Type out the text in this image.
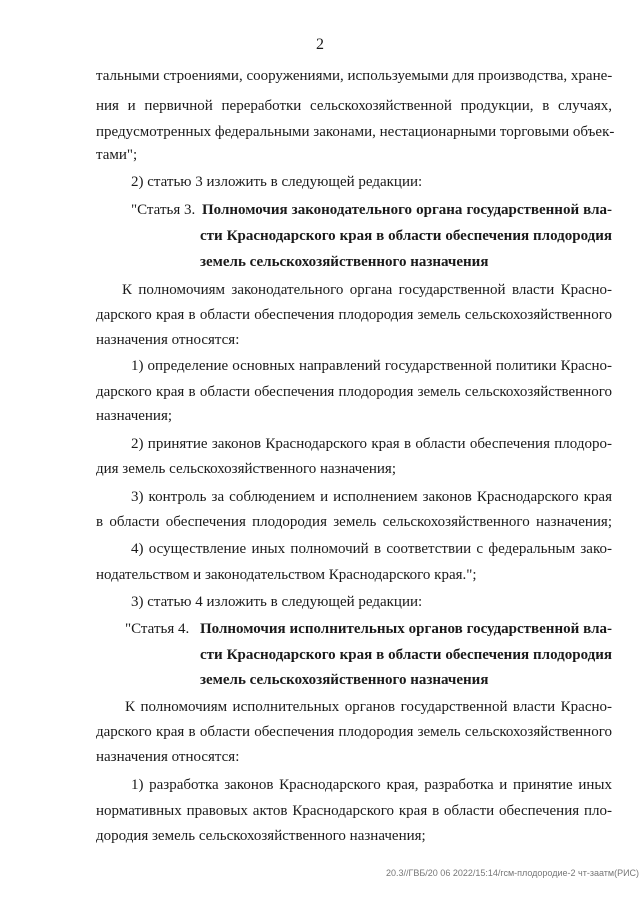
2
тальными строениями, сооружениями, используемыми для производства, хране-
ния и первичной переработки сельскохозяйственной продукции, в случаях,
предусмотренных федеральными законами, нестационарными торговыми объек-
тами";
2) статью 3 изложить в следующей редакции:
"Статья 3. Полномочия законодательного органа государственной вла-
сти Краснодарского края в области обеспечения плодородия
земель сельскохозяйственного назначения
К полномочиям законодательного органа государственной власти Красно-
дарского края в области обеспечения плодородия земель сельскохозяйственного
назначения относятся:
1) определение основных направлений государственной политики Красно-
дарского края в области обеспечения плодородия земель сельскохозяйственного
назначения;
2) принятие законов Краснодарского края в области обеспечения плодоро-
дия земель сельскохозяйственного назначения;
3) контроль за соблюдением и исполнением законов Краснодарского края
в области обеспечения плодородия земель сельскохозяйственного назначения;
4) осуществление иных полномочий в соответствии с федеральным зако-
нодательством и законодательством Краснодарского края.";
3) статью 4 изложить в следующей редакции:
"Статья 4. Полномочия исполнительных органов государственной вла-
сти Краснодарского края в области обеспечения плодородия
земель сельскохозяйственного назначения
К полномочиям исполнительных органов государственной власти Красно-
дарского края в области обеспечения плодородия земель сельскохозяйственного
назначения относятся:
1) разработка законов Краснодарского края, разработка и принятие иных
нормативных правовых актов Краснодарского края в области обеспечения пло-
дородия земель сельскохозяйственного назначения;
20.3//ГВБ/20 06 2022/15:14/гсм-плодородие-2 чт-заатм(РИС)
